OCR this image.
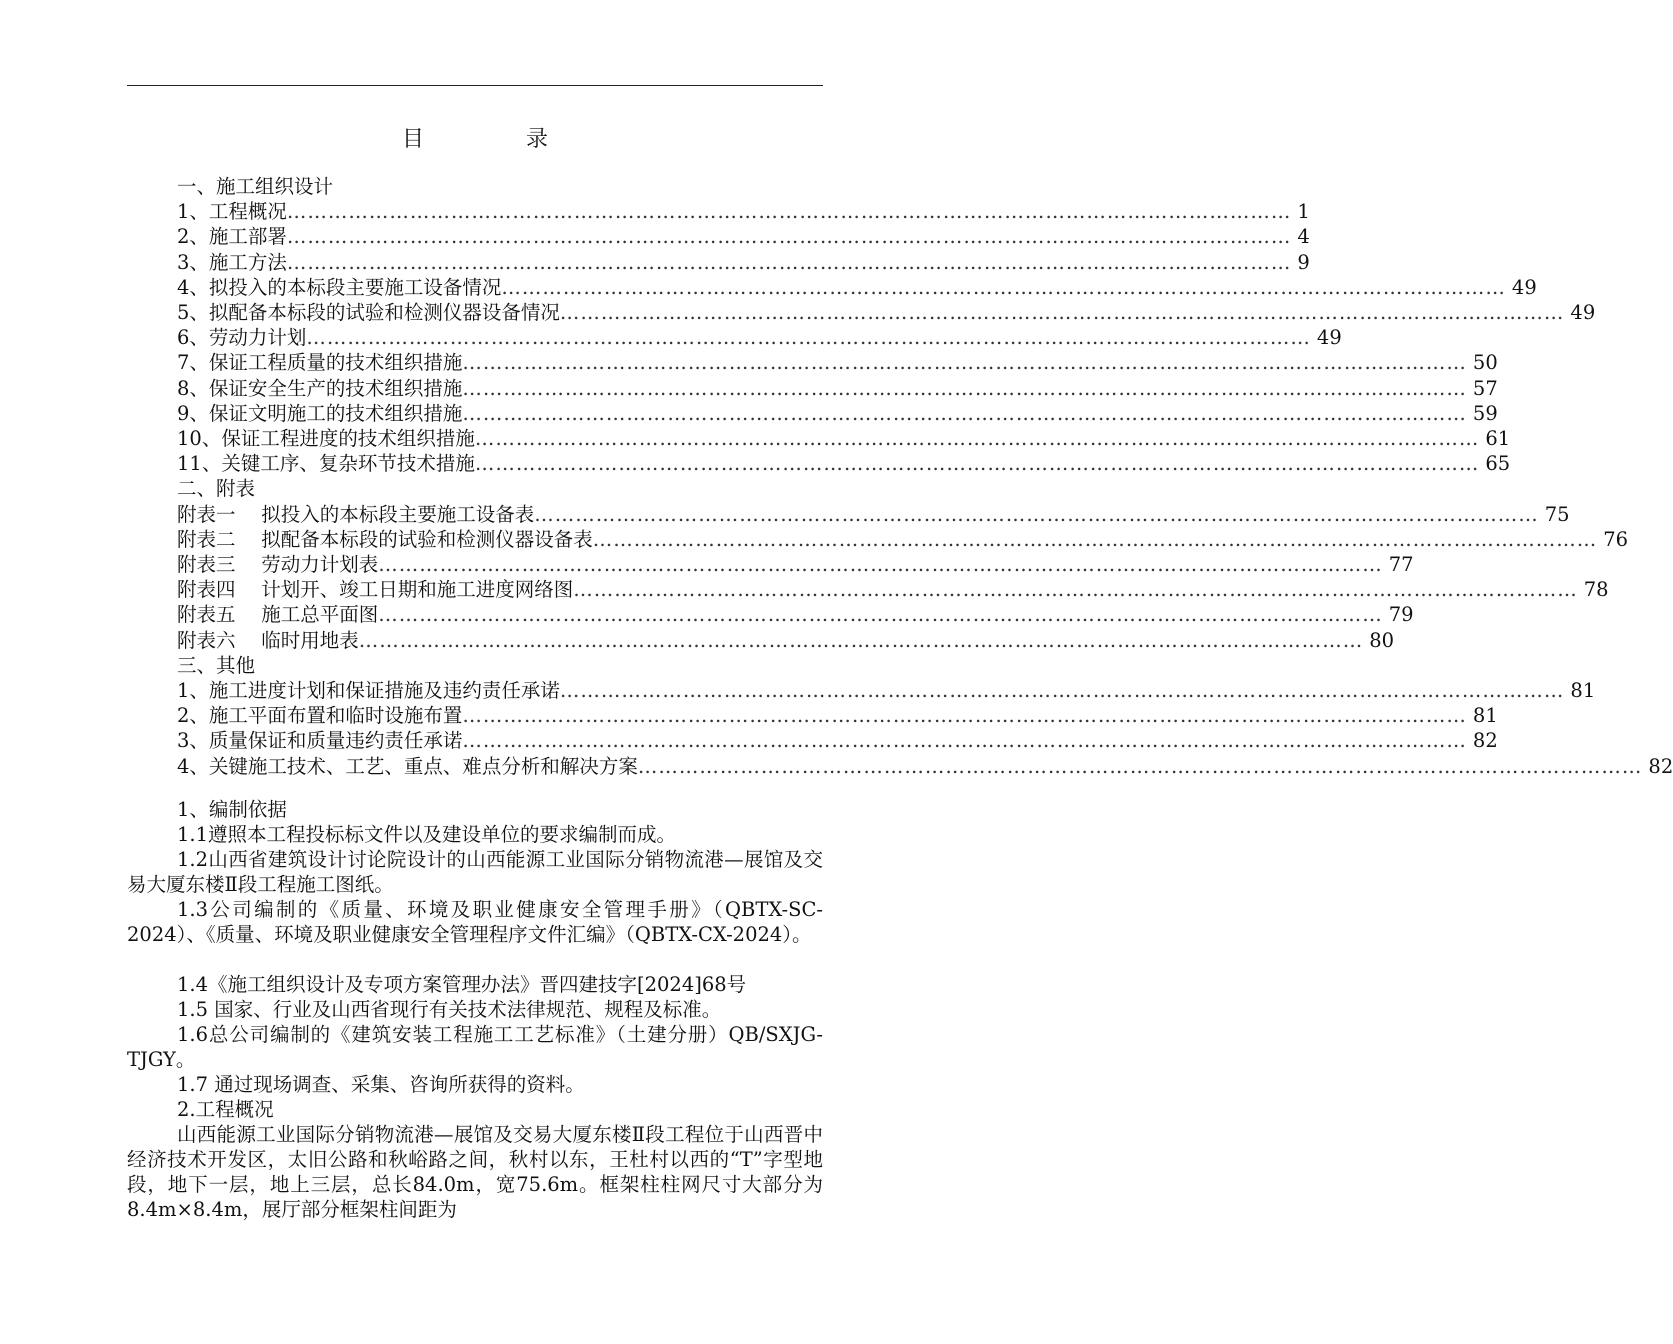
目　录
一、施工组织设计
1、工程概况 ………………………………………………………………………………………………………………………………… 1
2、施工部署 ………………………………………………………………………………………………………………………………… 4
3、施工方法 ………………………………………………………………………………………………………………………………… 9
4、拟投入的本标段主要施工设备情况 ………………………………………………………………………………………………………………………………… 49
5、拟配备本标段的试验和检测仪器设备情况 ………………………………………………………………………………………………………………………………… 49
6、劳动力计划 ………………………………………………………………………………………………………………………………… 49
7、保证工程质量的技术组织措施 ………………………………………………………………………………………………………………………………… 50
8、保证安全生产的技术组织措施 ………………………………………………………………………………………………………………………………… 57
9、保证文明施工的技术组织措施 ………………………………………………………………………………………………………………………………… 59
10、保证工程进度的技术组织措施 ………………………………………………………………………………………………………………………………… 61
11、关键工序、复杂环节技术措施 ………………………………………………………………………………………………………………………………… 65
二、附表
附表一　 拟投入的本标段主要施工设备表 ………………………………………………………………………………………………………………………………… 75
附表二　 拟配备本标段的试验和检测仪器设备表 ………………………………………………………………………………………………………………………………… 76
附表三　 劳动力计划表 ………………………………………………………………………………………………………………………………… 77
附表四　 计划开、竣工日期和施工进度网络图 ………………………………………………………………………………………………………………………………… 78
附表五　 施工总平面图 ………………………………………………………………………………………………………………………………… 79
附表六　 临时用地表 ………………………………………………………………………………………………………………………………… 80
三、其他
1、施工进度计划和保证措施及违约责任承诺 ………………………………………………………………………………………………………………………………… 81
2、施工平面布置和临时设施布置 ………………………………………………………………………………………………………………………………… 81
3、质量保证和质量违约责任承诺 ………………………………………………………………………………………………………………………………… 82
4、关键施工技术、工艺、重点、难点分析和解决方案 ………………………………………………………………………………………………………………………………… 82
1、编制依据
1.1遵照本工程投标标文件以及建设单位的要求编制而成。
1.2山西省建筑设计讨论院设计的山西能源工业国际分销物流港—展馆及交易大厦东楼Ⅱ段工程施工图纸。
1.3公司编制的《质量、环境及职业健康安全管理手册》（QBTX-SC-2024）、《质量、环境及职业健康安全管理程序文件汇编》（QBTX-CX-2024）。
1.4《施工组织设计及专项方案管理办法》晋四建技字[2024]68号
1.5 国家、行业及山西省现行有关技术法律规范、规程及标准。
1.6总公司编制的《建筑安装工程施工工艺标准》（土建分册）QB/SXJG-TJGY。
1.7 通过现场调查、采集、咨询所获得的资料。
2.工程概况
山西能源工业国际分销物流港—展馆及交易大厦东楼Ⅱ段工程位于山西晋中经济技术开发区，太旧公路和秋峪路之间，秋村以东，王杜村以西的“T”字型地段，地下一层，地上三层，总长84.0m，宽75.6m。框架柱柱网尺寸大部分为8.4m×8.4m，展厅部分框架柱间距为
